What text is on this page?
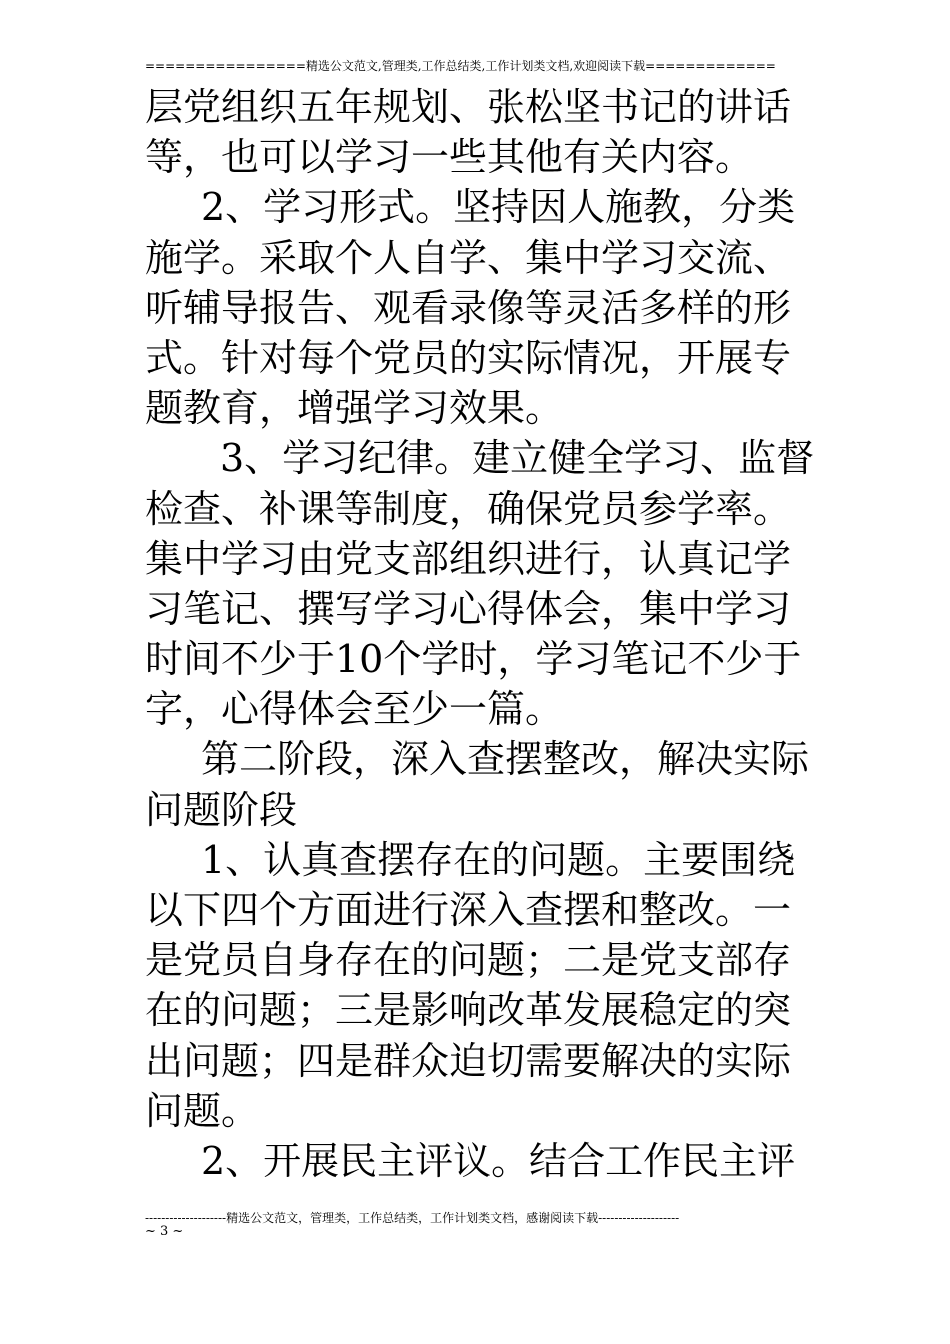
================精选公文范文,管理类,工作总结类,工作计划类文档,欢迎阅读下载=============
层党组织五年规划、张松坚书记的讲话
等，也可以学习一些其他有关内容。
2、学习形式。坚持因人施教，分类
施学。采取个人自学、集中学习交流、
听辅导报告、观看录像等灵活多样的形
式。针对每个党员的实际情况，开展专
题教育，增强学习效果。
3、学习纪律。建立健全学习、监督
检查、补课等制度，确保党员参学率。
集中学习由党支部组织进行，认真记学
习笔记、撰写学习心得体会，集中学习
时间不少于10个学时，学习笔记不少于
字，心得体会至少一篇。
第二阶段，深入查摆整改，解决实际
问题阶段
1、认真查摆存在的问题。主要围绕
以下四个方面进行深入查摆和整改。一
是党员自身存在的问题；二是党支部存
在的问题；三是影响改革发展稳定的突
出问题；四是群众迫切需要解决的实际
问题。
2、开展民主评议。结合工作民主评
--------------------精选公文范文，管理类，工作总结类，工作计划类文档，感谢阅读下载--------------------
~ 3 ~
